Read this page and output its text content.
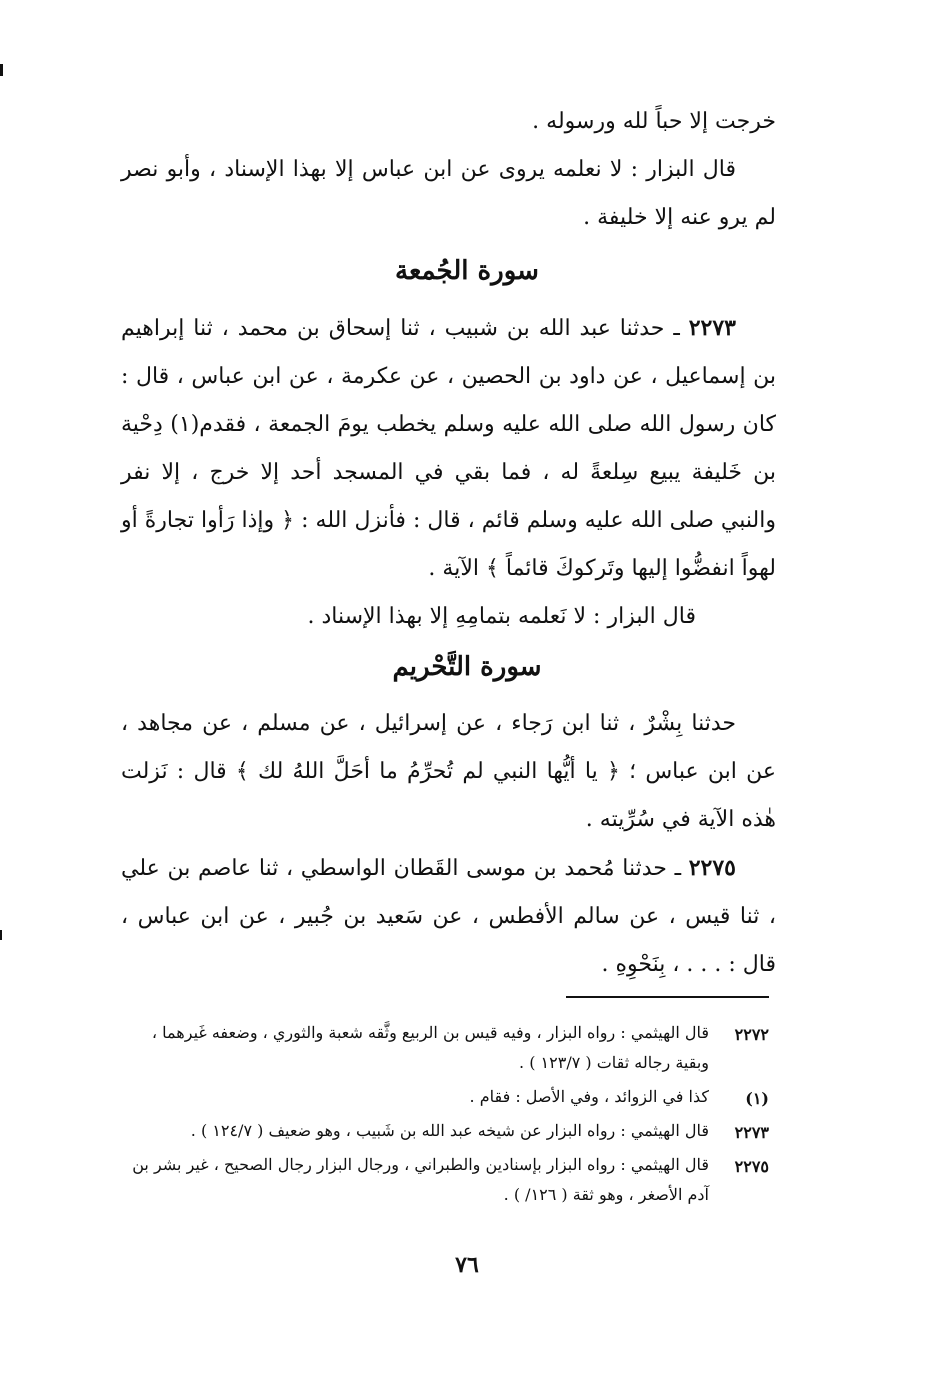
خرجت إلا حباً لله ورسوله .

قال البزار : لا نعلمه يروى عن ابن عباس إلا بهذا الإسناد ، وأبو نصر لم يرو عنه إلا خليفة .

سورة الجُمعة

٢٢٧٣ ـ حدثنا عبد الله بن شبيب ، ثنا إسحاق بن محمد ، ثنا إبراهيم بن إسماعيل ، عن داود بن الحصين ، عن عكرمة ، عن ابن عباس ، قال : كان رسول الله صلى الله عليه وسلم يخطب يومَ الجمعة ، فقدم(١) دِحْية بن خَليفة يبيع سِلعةً له ، فما بقي في المسجد أحد إلا خرج ، إلا نفر والنبي صلى الله عليه وسلم قائم ، قال : فأنزل الله : ﴿ وإذا رَأوا تجارةً أو لهواً انفضُّوا إليها وتَركوكَ قائماً ﴾ الآية .

قال البزار : لا نَعلمه بتمامِهِ إلا بهذا الإسناد .

سورة التَّحْريم

حدثنا بِشْرٌ ، ثنا ابن رَجاء ، عن إسرائيل ، عن مسلم ، عن مجاهد ، عن ابن عباس ؛ ﴿ يا أيُّها النبي لم تُحرِّمُ ما أحَلَّ اللهُ لك ﴾ قال : نَزلت هٰذه الآية في سُرِّيته .

٢٢٧٥ ـ حدثنا مُحمد بن موسى القَطان الواسطي ، ثنا عاصم بن علي ، ثنا قيس ، عن سالم الأفطس ، عن سَعيد بن جُبير ، عن ابن عباس ، قال : . . . ، بِنَحْوِهِ .

٢٢٧٢
قال الهيثمي : رواه البزار ، وفيه قيس بن الربيع وثَّقه شعبة والثوري ، وضعفه غَيرهما ، وبقية رجاله ثقات ( ١٢٣/٧ ) .
(١)
كذا في الزوائد ، وفي الأصل : فقام .
٢٢٧٣
قال الهيثمي : رواه البزار عن شيخه عبد الله بن شَبيب ، وهو ضعيف ( ١٢٤/٧ ) .
٢٢٧٥
قال الهيثمي : رواه البزار بإسنادين والطبراني ، ورجال البزار رجال الصحيح ، غير بشر بن آدم الأصغر ، وهو ثقة ( ١٢٦/ ) .
٧٦
